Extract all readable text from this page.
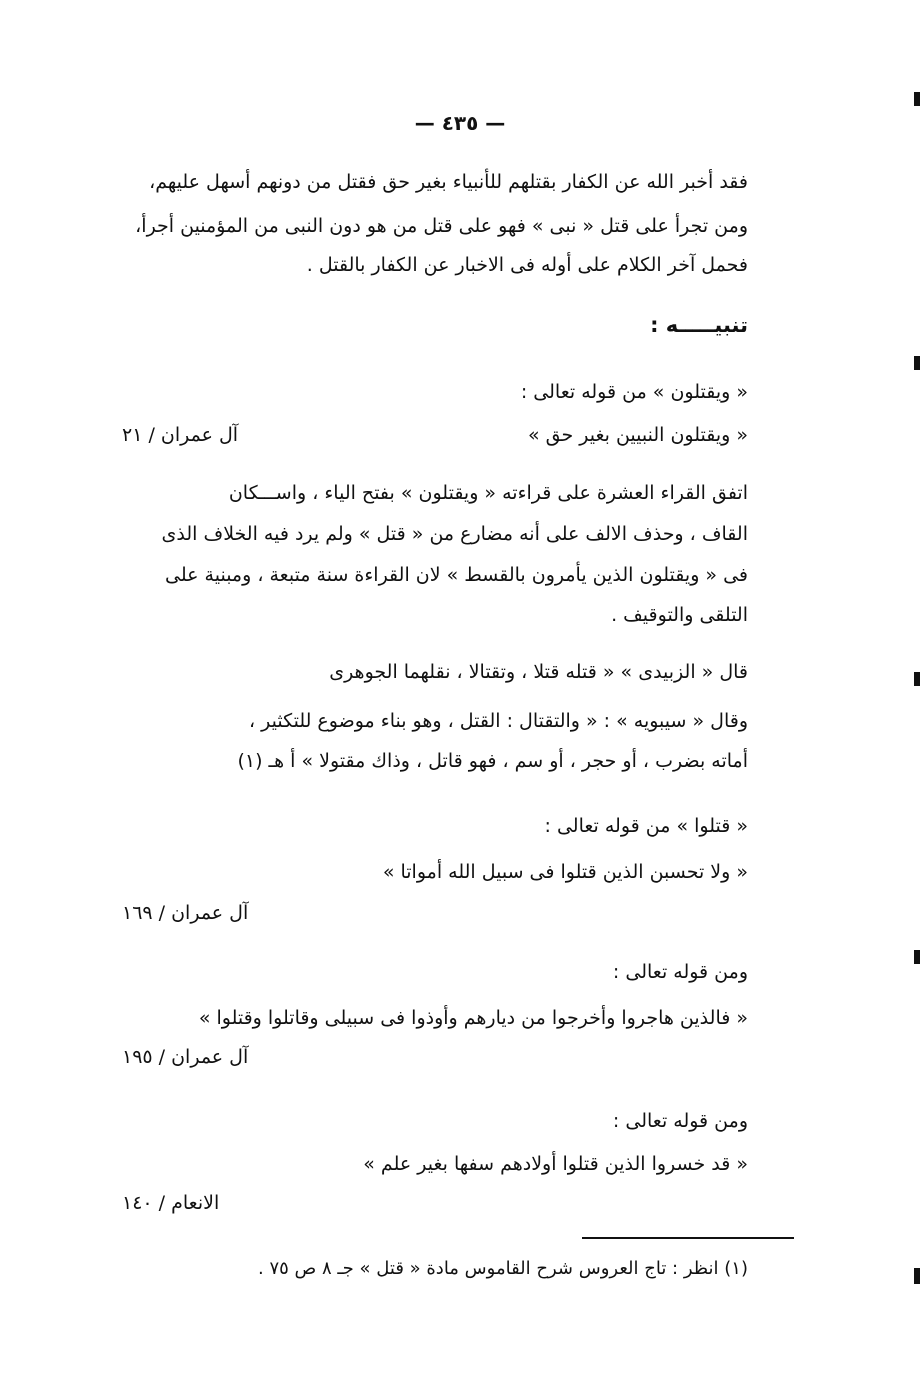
— ٤٣٥ —
فقد أخبر الله عن الكفار بقتلهم للأنبياء بغير حق فقتل من دونهم أسهل عليهم،
ومن تجرأ على قتل « نبى » فهو على قتل من هو دون النبى من المؤمنين أجرأ،
فحمل آخر الكلام على أوله فى الاخبار عن الكفار بالقتل .
تنبيـــــه :
« ويقتلون » من قوله تعالى :
« ويقتلون النبيين بغير حق »
آل عمران / ٢١
اتفق القراء العشرة على قراءته « ويقتلون » بفتح الياء ، واســـكان
القاف ، وحذف الالف على أنه مضارع من « قتل » ولم يرد فيه الخلاف الذى
فى « ويقتلون الذين يأمرون بالقسط » لان القراءة سنة متبعة ، ومبنية على
التلقى والتوقيف .
قال « الزبيدى » « قتله قتلا ، وتقتالا ، نقلهما الجوهرى
وقال « سيبويه » : « والتقتال : القتل ، وهو بناء موضوع للتكثير ،
أماته بضرب ، أو حجر ، أو سم ، فهو قاتل ، وذاك مقتولا » أ هـ (١)
« قتلوا » من قوله تعالى :
« ولا تحسبن الذين قتلوا فى سبيل الله أمواتا »
آل عمران / ١٦٩
ومن قوله تعالى :
« فالذين هاجروا وأخرجوا من ديارهم وأوذوا فى سبيلى وقاتلوا وقتلوا »
آل عمران / ١٩٥
ومن قوله تعالى :
« قد خسروا الذين قتلوا أولادهم سفها بغير علم »
الانعام / ١٤٠
(١) انظر : تاج العروس شرح القاموس مادة « قتل » جـ ٨ ص ٧٥ .
